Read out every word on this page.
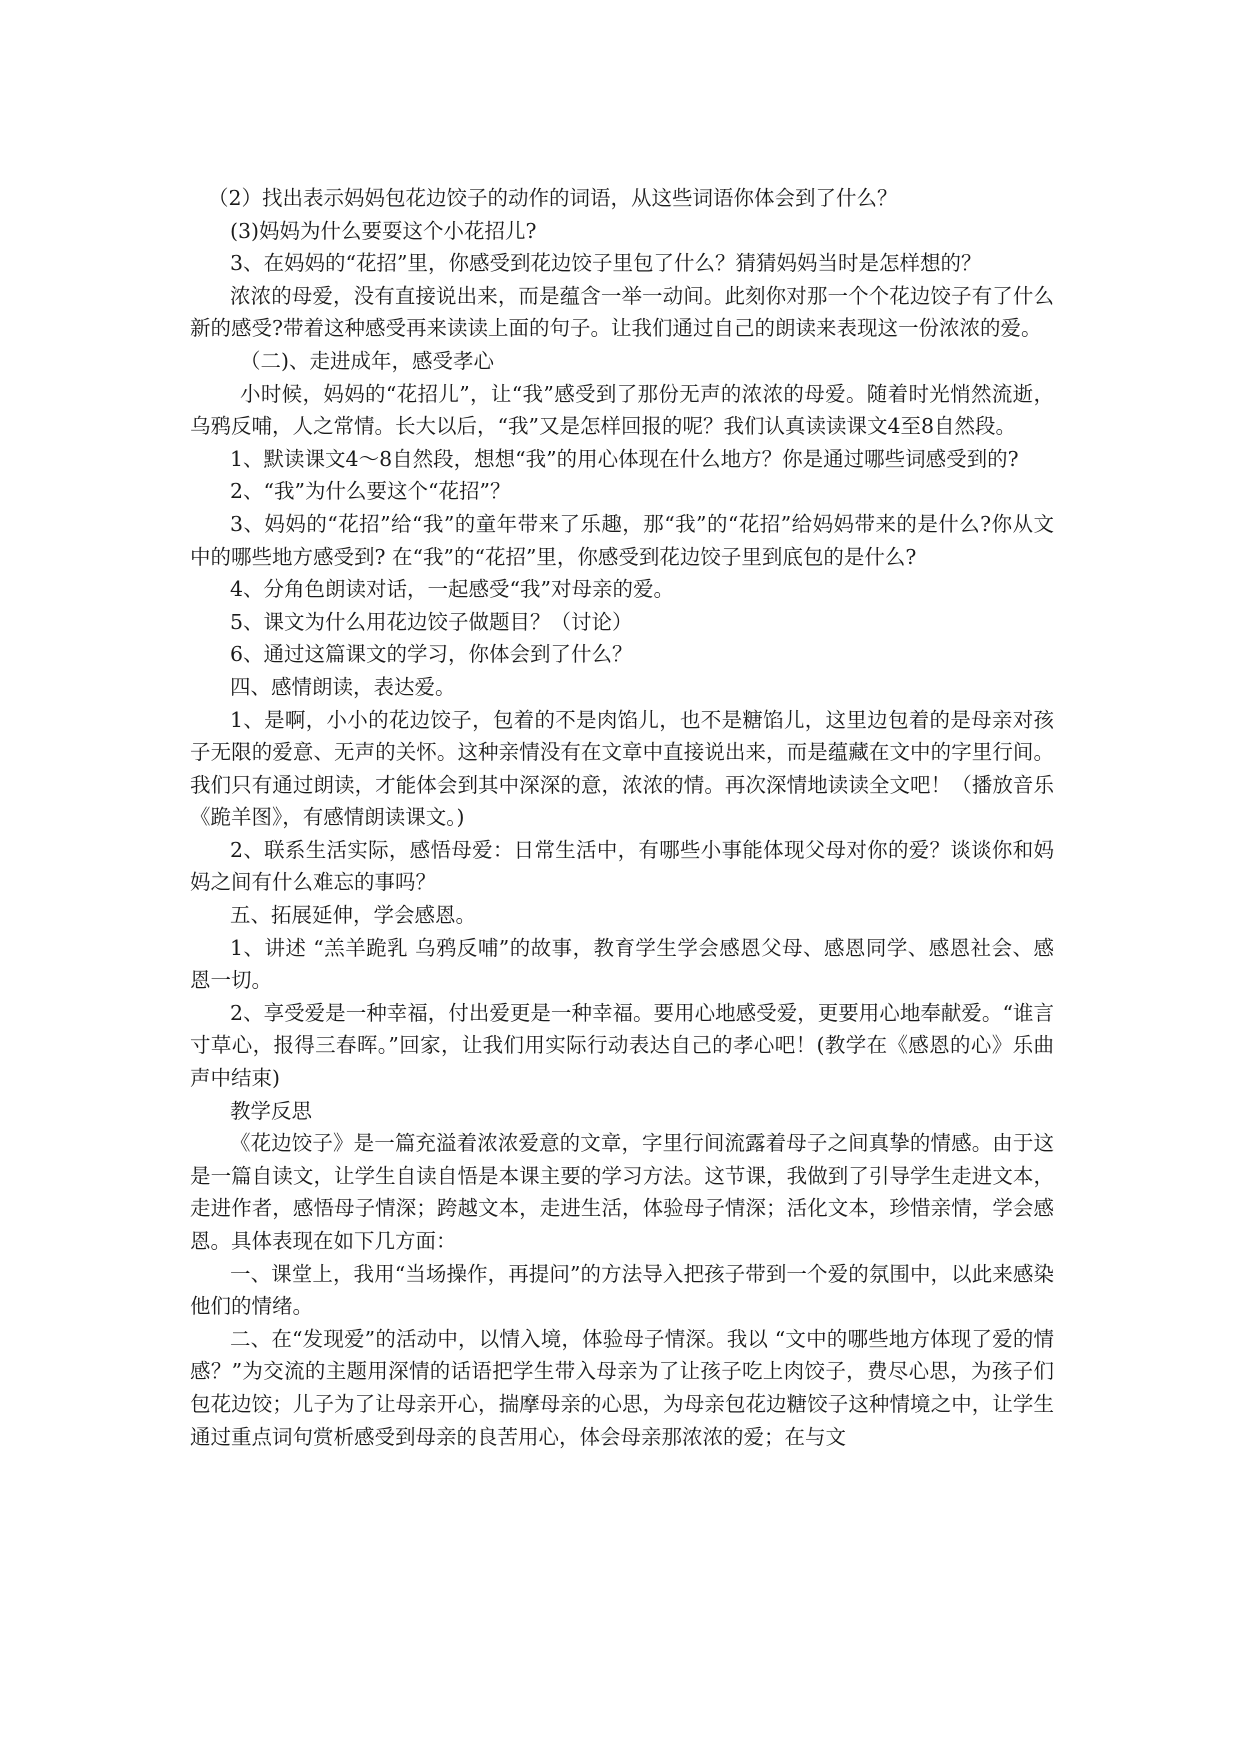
（2）找出表示妈妈包花边饺子的动作的词语，从这些词语你体会到了什么？

(3)妈妈为什么要耍这个小花招儿?

3、在妈妈的“花招”里，你感受到花边饺子里包了什么？猜猜妈妈当时是怎样想的？

浓浓的母爱，没有直接说出来，而是蕴含一举一动间。此刻你对那一个个花边饺子有了什么新的感受?带着这种感受再来读读上面的句子。让我们通过自己的朗读来表现这一份浓浓的爱。

（二)、走进成年，感受孝心

小时候，妈妈的“花招儿”，让“我”感受到了那份无声的浓浓的母爱。随着时光悄然流逝，乌鸦反哺，人之常情。长大以后，“我”又是怎样回报的呢？我们认真读读课文4至8自然段。

1、默读课文4～8自然段，想想“我”的用心体现在什么地方？你是通过哪些词感受到的?

2、“我”为什么要这个“花招”？

3、妈妈的“花招”给“我”的童年带来了乐趣，那“我”的“花招”给妈妈带来的是什么?你从文中的哪些地方感受到? 在“我”的“花招”里，你感受到花边饺子里到底包的是什么?

4、分角色朗读对话，一起感受“我”对母亲的爱。

5、课文为什么用花边饺子做题目？（讨论）

6、通过这篇课文的学习，你体会到了什么？

四、感情朗读，表达爱。

1、是啊，小小的花边饺子，包着的不是肉馅儿，也不是糖馅儿，这里边包着的是母亲对孩子无限的爱意、无声的关怀。这种亲情没有在文章中直接说出来，而是蕴藏在文中的字里行间。我们只有通过朗读，才能体会到其中深深的意，浓浓的情。再次深情地读读全文吧！（播放音乐《跪羊图》，有感情朗读课文。)

2、联系生活实际，感悟母爱：日常生活中，有哪些小事能体现父母对你的爱？谈谈你和妈妈之间有什么难忘的事吗？

五、拓展延伸，学会感恩。

1、讲述 “羔羊跪乳 乌鸦反哺”的故事，教育学生学会感恩父母、感恩同学、感恩社会、感恩一切。

2、享受爱是一种幸福，付出爱更是一种幸福。要用心地感受爱，更要用心地奉献爱。“谁言寸草心，报得三春晖。”回家，让我们用实际行动表达自己的孝心吧！(教学在《感恩的心》乐曲声中结束)

教学反思

《花边饺子》是一篇充溢着浓浓爱意的文章，字里行间流露着母子之间真挚的情感。由于这是一篇自读文，让学生自读自悟是本课主要的学习方法。这节课，我做到了引导学生走进文本，走进作者，感悟母子情深；跨越文本，走进生活，体验母子情深；活化文本，珍惜亲情，学会感恩。具体表现在如下几方面：

一、课堂上，我用“当场操作，再提问”的方法导入把孩子带到一个爱的氛围中，以此来感染他们的情绪。

二、在“发现爱”的活动中，以情入境，体验母子情深。我以 “文中的哪些地方体现了爱的情感？”为交流的主题用深情的话语把学生带入母亲为了让孩子吃上肉饺子，费尽心思，为孩子们包花边饺；儿子为了让母亲开心，揣摩母亲的心思，为母亲包花边糖饺子这种情境之中，让学生通过重点词句赏析感受到母亲的良苦用心，体会母亲那浓浓的爱；在与文
